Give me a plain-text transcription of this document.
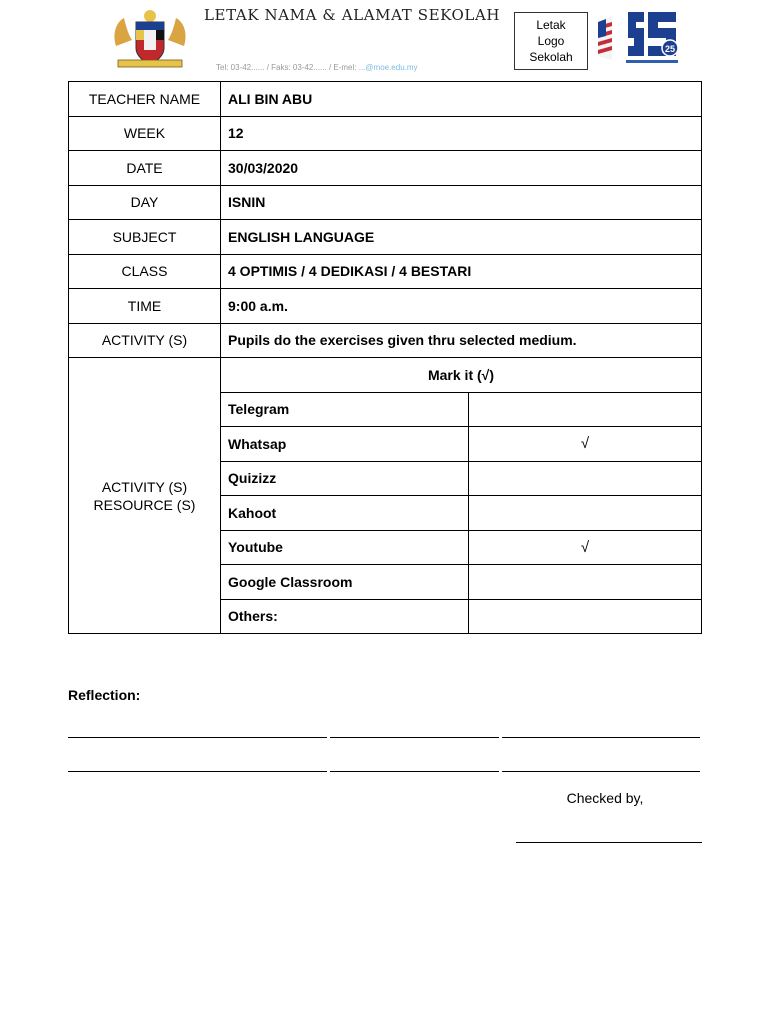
LETAK NAMA & ALAMAT SEKOLAH
Tel: 03-42...... / Faks: 03-42...... / E-mel: ...@moe.edu.my
Letak
Logo
Sekolah
25
TEACHER NAME	ALI BIN ABU	
WEEK	12	
DATE	30/03/2020	
DAY	ISNIN	
SUBJECT	ENGLISH LANGUAGE	
CLASS	4 OPTIMIS / 4 DEDIKASI / 4 BESTARI	
TIME	9:00 a.m.	
ACTIVITY (S)	Pupils do the exercises given thru selected medium.	
ACTIVITY (S)
RESOURCE (S)	Mark it (√)	
	Telegram	
	Whatsap	√
	Quizizz	
	Kahoot	
	Youtube	√
	Google Classroom	
	Others:	
Reflection:
Checked by,
